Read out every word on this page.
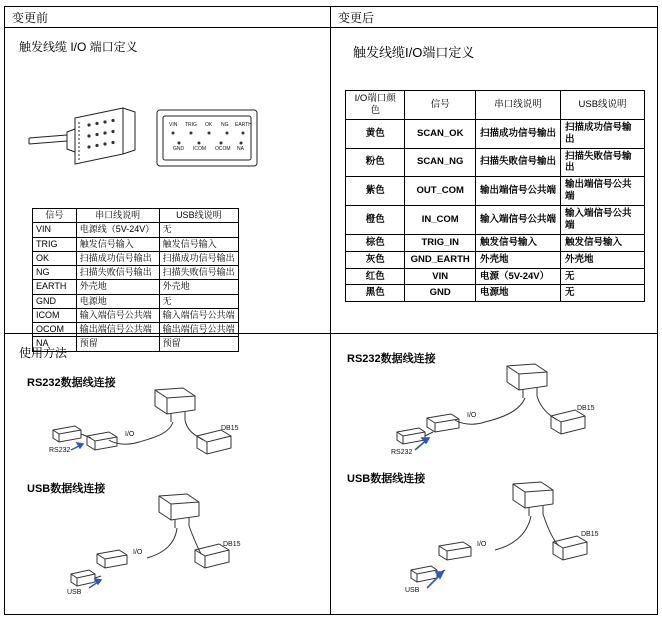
变更前	变更后
触发线缆 I/O 端口定义
VIN TRIG OK NG EARTH
GND ICOM OCOM NA
信号	串口线说明	USB线说明
VIN	电源线（5V-24V）	无
TRIG	触发信号输入	触发信号输入
OK	扫描成功信号输出	扫描成功信号输出
NG	扫描失败信号输出	扫描失败信号输出
EARTH	外壳地	外壳地
GND	电源地	无
ICOM	输入端信号公共端	输入端信号公共端
OCOM	输出端信号公共端	输出端信号公共端
NA	预留	预留
使用方法
RS232数据线连接
I/O
DB15
RS232
USB数据线连接
I/O
DB15
USB
触发线缆I/O端口定义
I/O端口颜色	信号	串口线说明	USB线说明
黄色	SCAN_OK	扫描成功信号输出	扫描成功信号输出
粉色	SCAN_NG	扫描失败信号输出	扫描失败信号输出
紫色	OUT_COM	输出端信号公共端	输出端信号公共端
橙色	IN_COM	输入端信号公共端	输入端信号公共端
棕色	TRIG_IN	触发信号输入	触发信号输入
灰色	GND_EARTH	外壳地	外壳地
红色	VIN	电源（5V-24V）	无
黑色	GND	电源地	无
RS232数据线连接
I/O
DB15
RS232
USB数据线连接
I/O
DB15
USB
